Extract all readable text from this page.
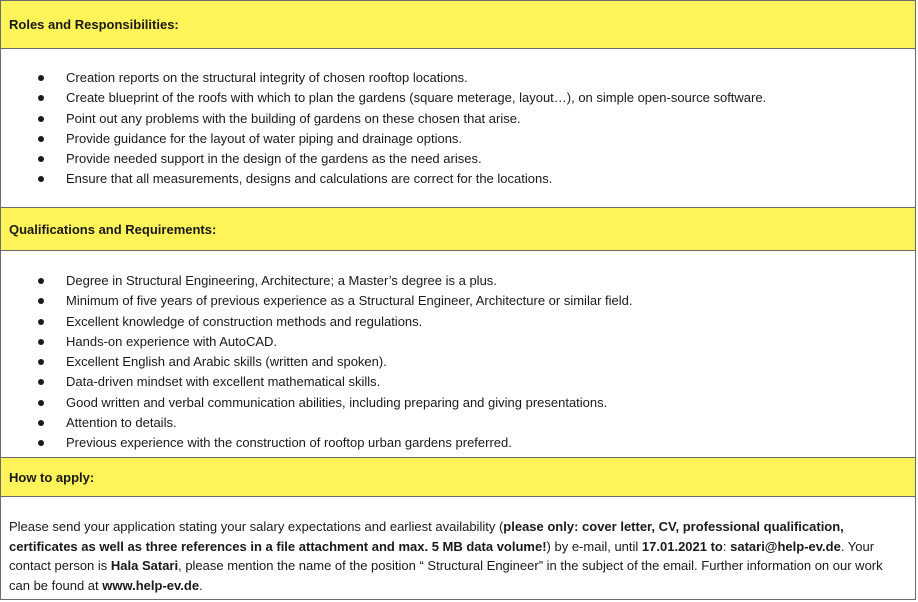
Roles and Responsibilities:
Creation reports on the structural integrity of chosen rooftop locations.
Create blueprint of the roofs with which to plan the gardens (square meterage, layout…), on simple open-source software.
Point out any problems with the building of gardens on these chosen that arise.
Provide guidance for the layout of water piping and drainage options.
Provide needed support in the design of the gardens as the need arises.
Ensure that all measurements, designs and calculations are correct for the locations.
Qualifications and Requirements:
Degree in Structural Engineering, Architecture; a Master’s degree is a plus.
Minimum of five years of previous experience as a Structural Engineer, Architecture or similar field.
Excellent knowledge of construction methods and regulations.
Hands-on experience with AutoCAD.
Excellent English and Arabic skills (written and spoken).
Data-driven mindset with excellent mathematical skills.
Good written and verbal communication abilities, including preparing and giving presentations.
Attention to details.
Previous experience with the construction of rooftop urban gardens preferred.
How to apply:

Please send your application stating your salary expectations and earliest availability (please only: cover letter, CV, professional qualification, certificates as well as three references in a file attachment and max. 5 MB data volume!) by e-mail, until 17.01.2021 to: satari@help-ev.de. Your contact person is Hala Satari, please mention the name of the position “ Structural Engineer” in the subject of the email. Further information on our work can be found at www.help-ev.de.
